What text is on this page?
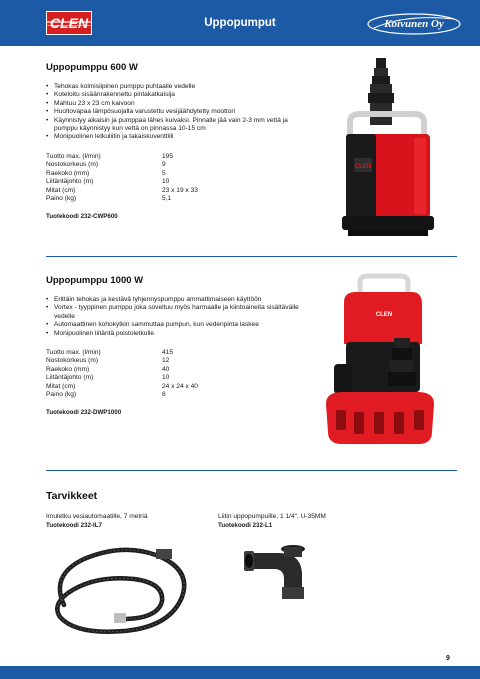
Uppopumput
CLEN	Koivunen Oy
Uppopumppu 600 W
• Tehokas kolmisiipinen pumppu puhtaalle vedelle
• Koteloitu sisäänrakennettu pintakatkaisija
• Mahtuu 23 x 23 cm kaivoon
• Huoltovapaa lämpösuojalla varustettu vesijäähdytetty moottori
• Käynnistyy aikaisin ja pumppaa lähes kuivaksi. Pinnalle jää vain 2-3 mm vettä ja pumppu käynnistyy kun vettä on pinnassa 10-15 cm
• Monipuolinen letkuliitin ja takaiskuventtiili
Tuotto max. (l/min)	195
Nostokorkeus (m)	9
Raekoko (mm)	5
Liitäntäjohto (m)	10
Mitat (cm)	23 x 19 x 33
Paino (kg)	5,1
Tuotekoodi 232-CWP600
CLEN
Uppopumppu 1000 W
• Erittäin tehokas ja kestävä tyhjennyspumppu ammattimaiseen käyttöön
• Vortex - tyyppinen pumppu joka soveltuu myös harmaalle ja kiintoaineita sisältävälle vedelle
• Automaattinen kohokytkin sammuttaa pumpun, kun vedenpinta laskee
• Monipuolinen liitäntä poistoletkulle
Tuotto max. (l/min)	415
Nostokorkeus (m)	12
Raekoko (mm)	40
Liitäntäjohto (m)	10
Mitat (cm)	24 x 24 x 40
Paino (kg)	8
Tuotekoodi 232-DWP1000
CLEN
Tarvikkeet
Imuletku vesiautomaatille, 7 metriä
Tuotekoodi 232-IL7
Liitin uppopumpuille, 1 1/4", U-35MM
Tuotekoodi 232-L1
9
